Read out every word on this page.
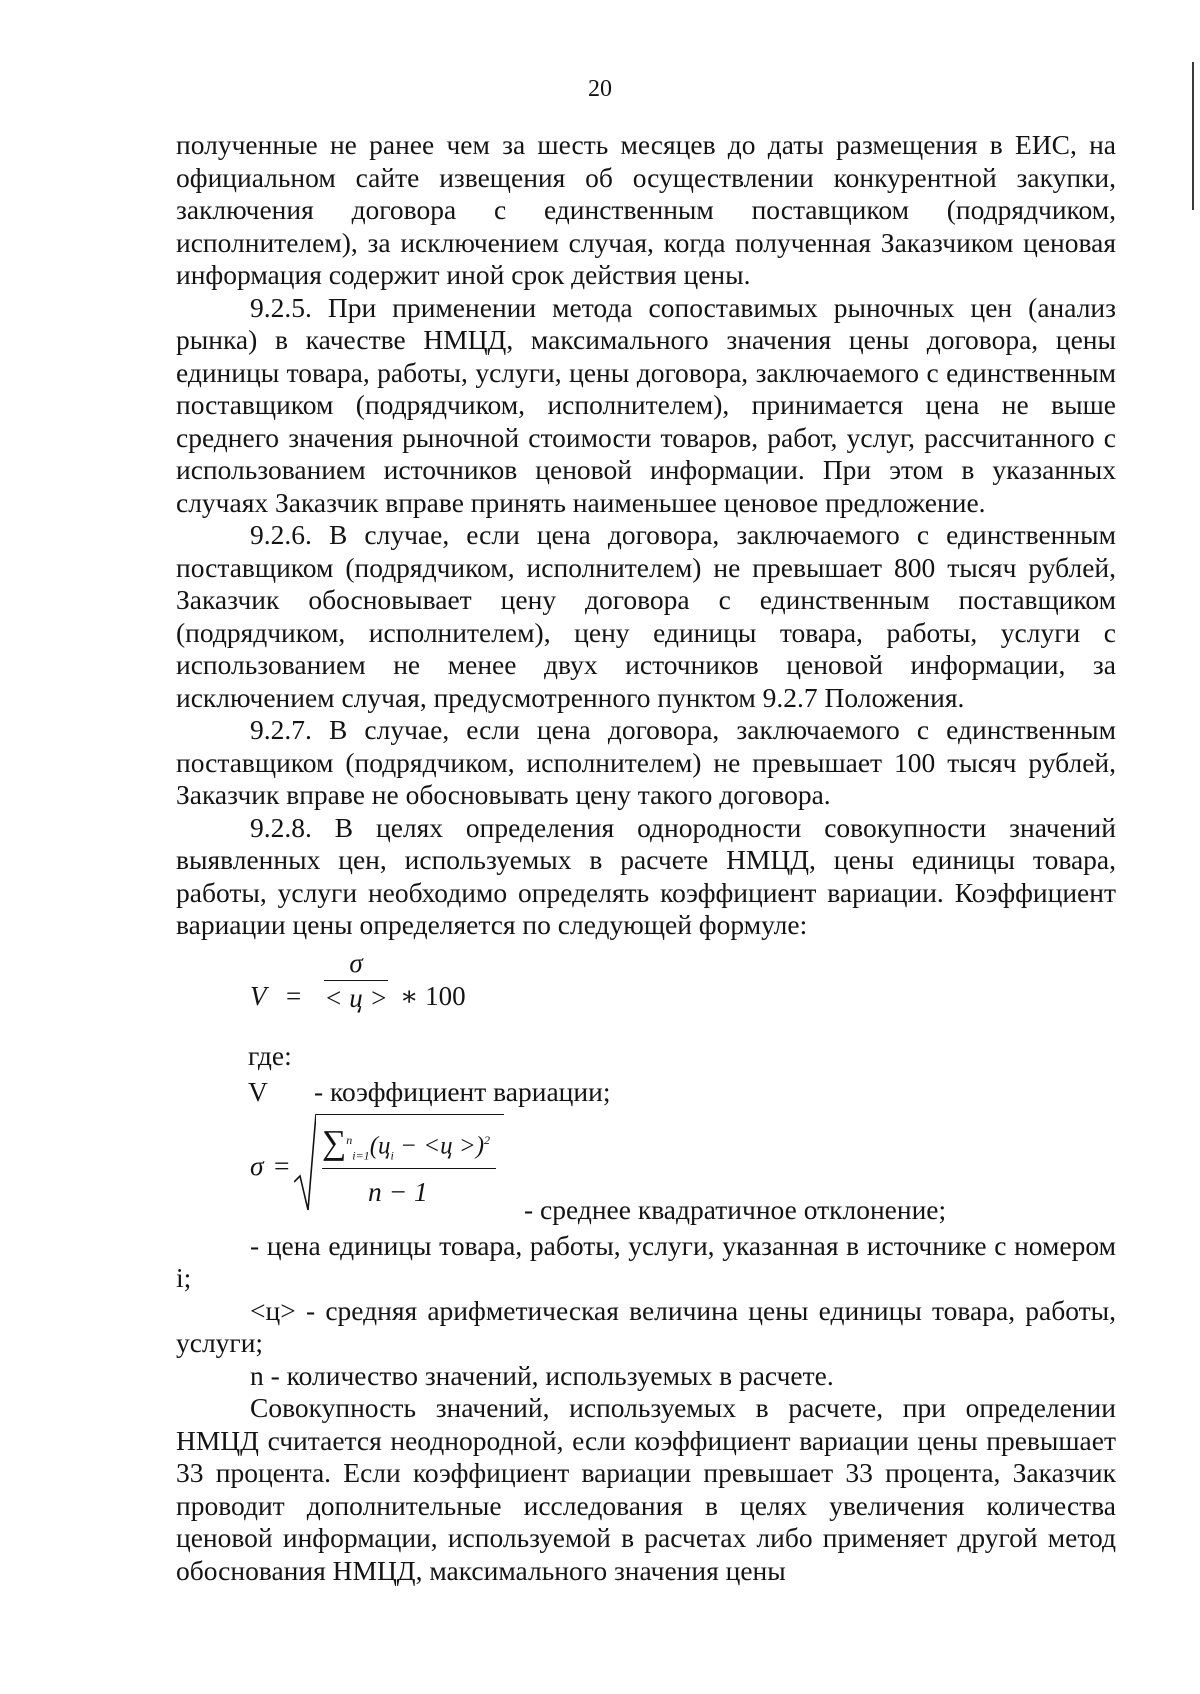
20

полученные не ранее чем за шесть месяцев до даты размещения в ЕИС, на официальном сайте извещения об осуществлении конкурентной закупки, заключения договора с единственным поставщиком (подрядчиком, исполнителем), за исключением случая, когда полученная Заказчиком ценовая информация содержит иной срок действия цены.

9.2.5. При применении метода сопоставимых рыночных цен (анализ рынка) в качестве НМЦД, максимального значения цены договора, цены единицы товара, работы, услуги, цены договора, заключаемого с единственным поставщиком (подрядчиком, исполнителем), принимается цена не выше среднего значения рыночной стоимости товаров, работ, услуг, рассчитанного с использованием источников ценовой информации. При этом в указанных случаях Заказчик вправе принять наименьшее ценовое предложение.

9.2.6. В случае, если цена договора, заключаемого с единственным поставщиком (подрядчиком, исполнителем) не превышает 800 тысяч рублей, Заказчик обосновывает цену договора с единственным поставщиком (подрядчиком, исполнителем), цену единицы товара, работы, услуги с использованием не менее двух источников ценовой информации, за исключением случая, предусмотренного пунктом 9.2.7 Положения.

9.2.7. В случае, если цена договора, заключаемого с единственным поставщиком (подрядчиком, исполнителем) не превышает 100 тысяч рублей, Заказчик вправе не обосновывать цену такого договора.

9.2.8. В целях определения однородности совокупности значений выявленных цен, используемых в расчете НМЦД, цены единицы товара, работы, услуги необходимо определять коэффициент вариации. Коэффициент вариации цены определяется по следующей формуле:

V =
σ
< ц > ∗ 100
где:
V - коэффициент вариации;
σ =
$\sum^n_{i=1}(ц_i - <ц >)^2$
n − 1
- среднее квадратичное отклонение;

- цена единицы товара, работы, услуги, указанная в источнике с номером i;

<ц> - средняя арифметическая величина цены единицы товара, работы, услуги;

n - количество значений, используемых в расчете.

Совокупность значений, используемых в расчете, при определении НМЦД считается неоднородной, если коэффициент вариации цены превышает 33 процента. Если коэффициент вариации превышает 33 процента, Заказчик проводит дополнительные исследования в целях увеличения количества ценовой информации, используемой в расчетах либо применяет другой метод обоснования НМЦД, максимального значения цены
